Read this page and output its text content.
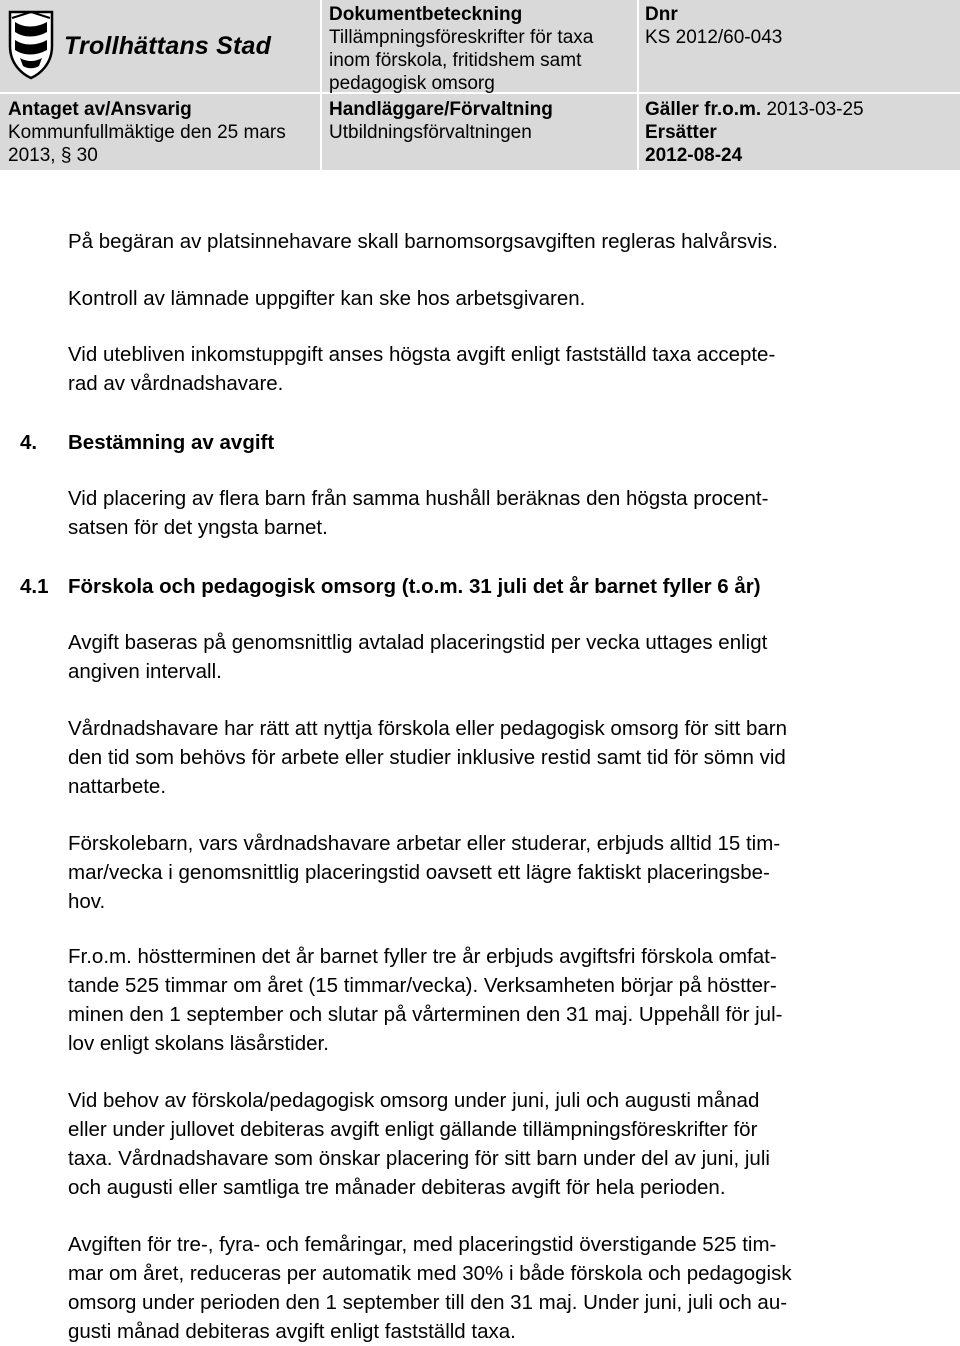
Trollhättans Stad
Dokumentbeteckning
Tillämpningsföreskrifter för taxa
inom förskola, fritidshem samt
pedagogisk omsorg
Dnr
KS 2012/60-043
Antaget av/Ansvarig
Kommunfullmäktige den 25 mars
2013, § 30
Handläggare/Förvaltning
Utbildningsförvaltningen
Gäller fr.o.m. 2013-03-25
Ersätter
2012-08-24

På begäran av platsinnehavare skall barnomsorgsavgiften regleras halvårsvis.

Kontroll av lämnade uppgifter kan ske hos arbetsgivaren.

Vid utebliven inkomstuppgift anses högsta avgift enligt fastställd taxa accepte-
rad av vårdnadshavare.

4. Bestämning av avgift

Vid placering av flera barn från samma hushåll beräknas den högsta procent-
satsen för det yngsta barnet.

4.1 Förskola och pedagogisk omsorg (t.o.m. 31 juli det år barnet fyller 6 år)

Avgift baseras på genomsnittlig avtalad placeringstid per vecka uttages enligt
angiven intervall.

Vårdnadshavare har rätt att nyttja förskola eller pedagogisk omsorg för sitt barn
den tid som behövs för arbete eller studier inklusive restid samt tid för sömn vid
nattarbete.

Förskolebarn, vars vårdnadshavare arbetar eller studerar, erbjuds alltid 15 tim-
mar/vecka i genomsnittlig placeringstid oavsett ett lägre faktiskt placeringsbe-
hov.

Fr.o.m. höstterminen det år barnet fyller tre år erbjuds avgiftsfri förskola omfat-
tande 525 timmar om året (15 timmar/vecka). Verksamheten börjar på höstter-
minen den 1 september och slutar på vårterminen den 31 maj. Uppehåll för jul-
lov enligt skolans läsårstider.

Vid behov av förskola/pedagogisk omsorg under juni, juli och augusti månad
eller under jullovet debiteras avgift enligt gällande tillämpningsföreskrifter för
taxa. Vårdnadshavare som önskar placering för sitt barn under del av juni, juli
och augusti eller samtliga tre månader debiteras avgift för hela perioden.

Avgiften för tre-, fyra- och femåringar, med placeringstid överstigande 525 tim-
mar om året, reduceras per automatik med 30% i både förskola och pedagogisk
omsorg under perioden den 1 september till den 31 maj. Under juni, juli och au-
gusti månad debiteras avgift enligt fastställd taxa.
